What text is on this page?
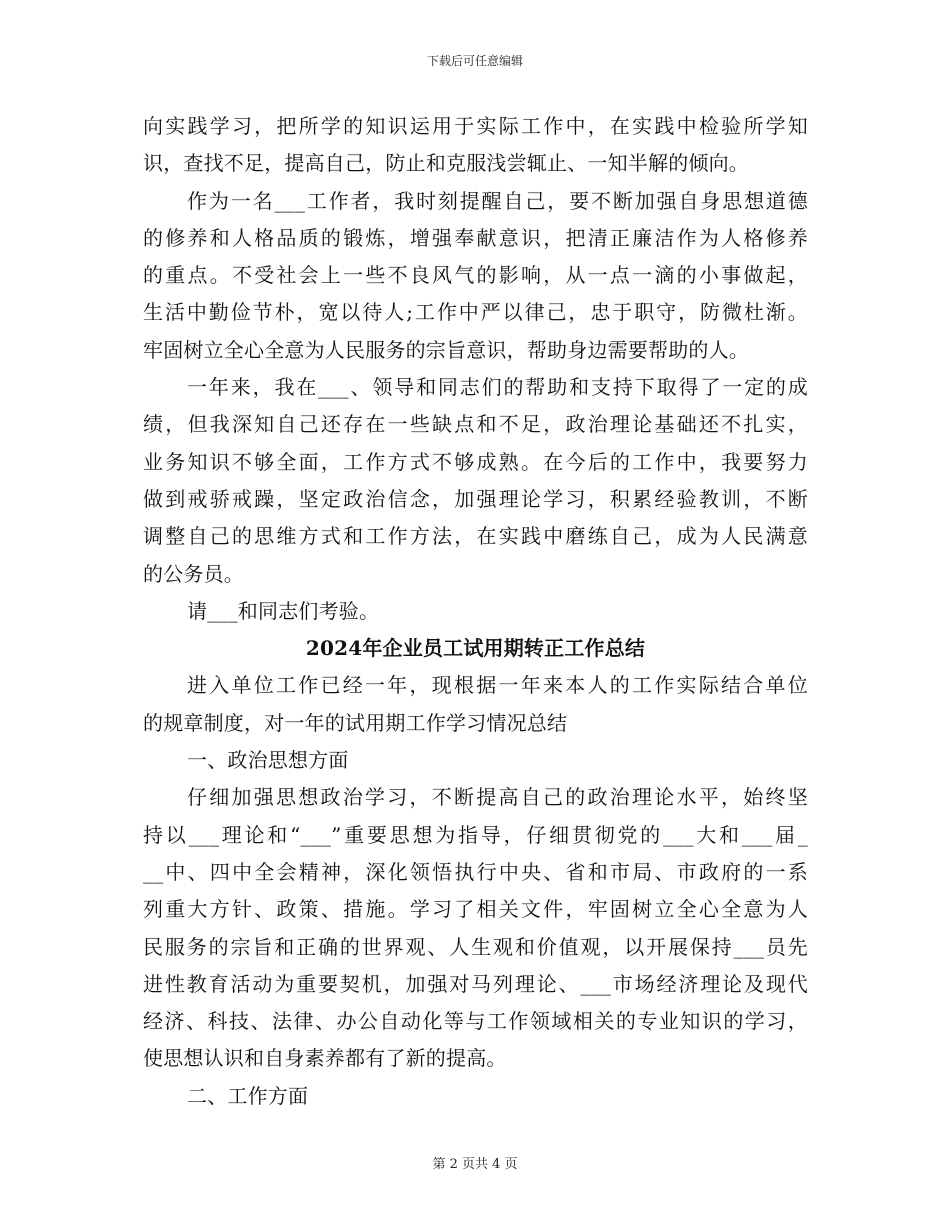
下载后可任意编辑
向实践学习，把所学的知识运用于实际工作中，在实践中检验所学知
识，查找不足，提高自己，防止和克服浅尝辄止、一知半解的倾向。
作为一名___工作者，我时刻提醒自己，要不断加强自身思想道德
的修养和人格品质的锻炼，增强奉献意识，把清正廉洁作为人格修养
的重点。不受社会上一些不良风气的影响，从一点一滴的小事做起，
生活中勤俭节朴，宽以待人;工作中严以律己，忠于职守，防微杜渐。
牢固树立全心全意为人民服务的宗旨意识，帮助身边需要帮助的人。
一年来，我在___、领导和同志们的帮助和支持下取得了一定的成
绩，但我深知自己还存在一些缺点和不足，政治理论基础还不扎实，
业务知识不够全面，工作方式不够成熟。在今后的工作中，我要努力
做到戒骄戒躁，坚定政治信念，加强理论学习，积累经验教训，不断
调整自己的思维方式和工作方法，在实践中磨练自己，成为人民满意
的公务员。
请___和同志们考验。
2024年企业员工试用期转正工作总结
进入单位工作已经一年，现根据一年来本人的工作实际结合单位
的规章制度，对一年的试用期工作学习情况总结
一、政治思想方面
仔细加强思想政治学习，不断提高自己的政治理论水平，始终坚
持以___理论和“___”重要思想为指导，仔细贯彻党的___大和___届_
__中、四中全会精神，深化领悟执行中央、省和市局、市政府的一系
列重大方针、政策、措施。学习了相关文件，牢固树立全心全意为人
民服务的宗旨和正确的世界观、人生观和价值观，以开展保持___员先
进性教育活动为重要契机，加强对马列理论、___市场经济理论及现代
经济、科技、法律、办公自动化等与工作领域相关的专业知识的学习，
使思想认识和自身素养都有了新的提高。
二、工作方面
第 2 页共 4 页
